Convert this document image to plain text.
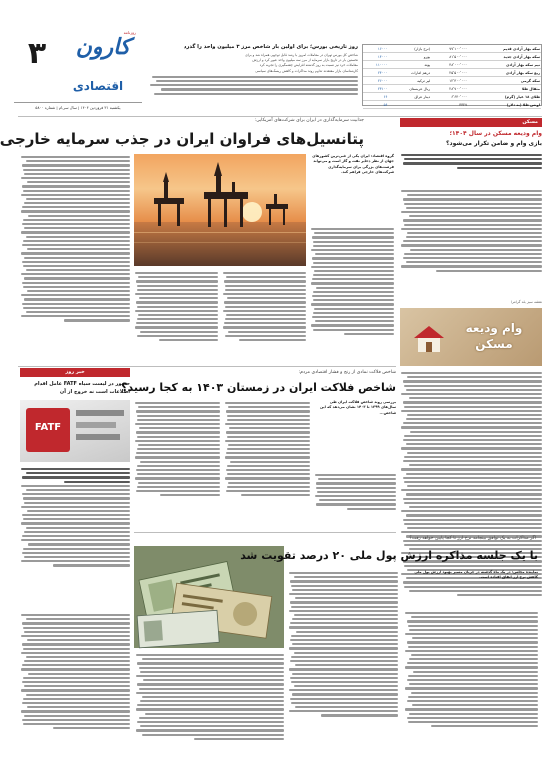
۳
روزنامه
کارون
اقتصادی
یکشنبه ۳۱ فروردین ۱۴۰۴ | سال سی‌ام | شماره ۵۸۰۰
روز تاریخی بورس؛ برای اولین بار شاخص مرز ۳ میلیون واحد را گذرد
شاخص کل بورس تهران در معاملات امروز با رشد قابل توجهی همراه شد و برای
نخستین بار در تاریخ بازار سرمایه از مرز سه میلیون واحد عبور کرد و ارزش
معاملات خرد نیز نسبت به روز گذشته افزایش چشمگیری را تجربه کرد
کارشناسان بازار معتقدند تداوم روند مذاکرات و کاهش ریسک‌های سیاسی
سکه بهار آزادی قدیم	۷۷٬۱۰۰٬۰۰۰	(نرخ بازار)	۱۶۰۰۰
سکه بهار آزادی جدید	۸۱٬۵۰۰٬۰۰۰	یورو	۱۴۰۰۰
نیم سکه بهار آزادی	۴۸٬۰۰۰٬۰۰۰	پوند	۱۱۰۰۰۰
ربع سکه بهار آزادی	۲۵٬۵۰۰٬۰۰۰	درهم امارات	۲۴۰۰۰
سکه گرمی	۱۲٬۳۰۰٬۰۰۰	لیر ترکیه	۲۶۰۰۰
مثقال طلا	۲۸٬۷۰۰٬۰۰۰	ریال عربستان	۲۳۱۰۰
طلای ۱۸ عیار (گرم)	۶٬۶۴۰٬۰۰۰	دینار عراق	۶۶
اونس طلا (به دلار)	۳۳۲۷		۵۶
جذابیت سرمایه‌گذاری در ایران برای شرکت‌های آمریکایی:
پتانسیل‌های فراوان ایران در جذب سرمایه خارجی
گروه اقتصاد: ایران یکی از غنی‌ترین کشورهای جهان از نظر ذخایر نفت و گاز است و می‌تواند فرصت‌های بزرگی برای سرمایه‌گذاری شرکت‌های خارجی فراهم کند.
مسکن
وام ودیعه مسکن در سال ۱۴۰۴؛
بازی وام و ضامن تکرار می‌شود؟
نقشه سبز بلد گرامرا
وام ودیعه مسکن
خبر روز
حضور در لیست سیاه FATF عامل اقدام اطلاعات است نه خروج از آن
FATF
شاخص فلاکت نمادی از رنج و فشار اقتصادی مردم:
شاخص فلاکت ایران در زمستان ۱۴۰۳ به کجا رسید؟
بررسی روند شاخص فلاکت ایران طی سال‌های ۱۳۹۹ تا ۱۴۰۳ نشان می‌دهد که این شاخص...
اگر مذاکرات به یک توافق بینجامد نرخ ارز تا کجا پایین خواهد رفت؟
با یک جلسه مذاکره ارزش پول ملی ۲۰ درصد تقویت شد
نماینده مجلس: در یک ماه گذشته در جریان مسیر بهبود ارزش پول ملی کاهش نرخ ارز اتفاق افتاده است.
